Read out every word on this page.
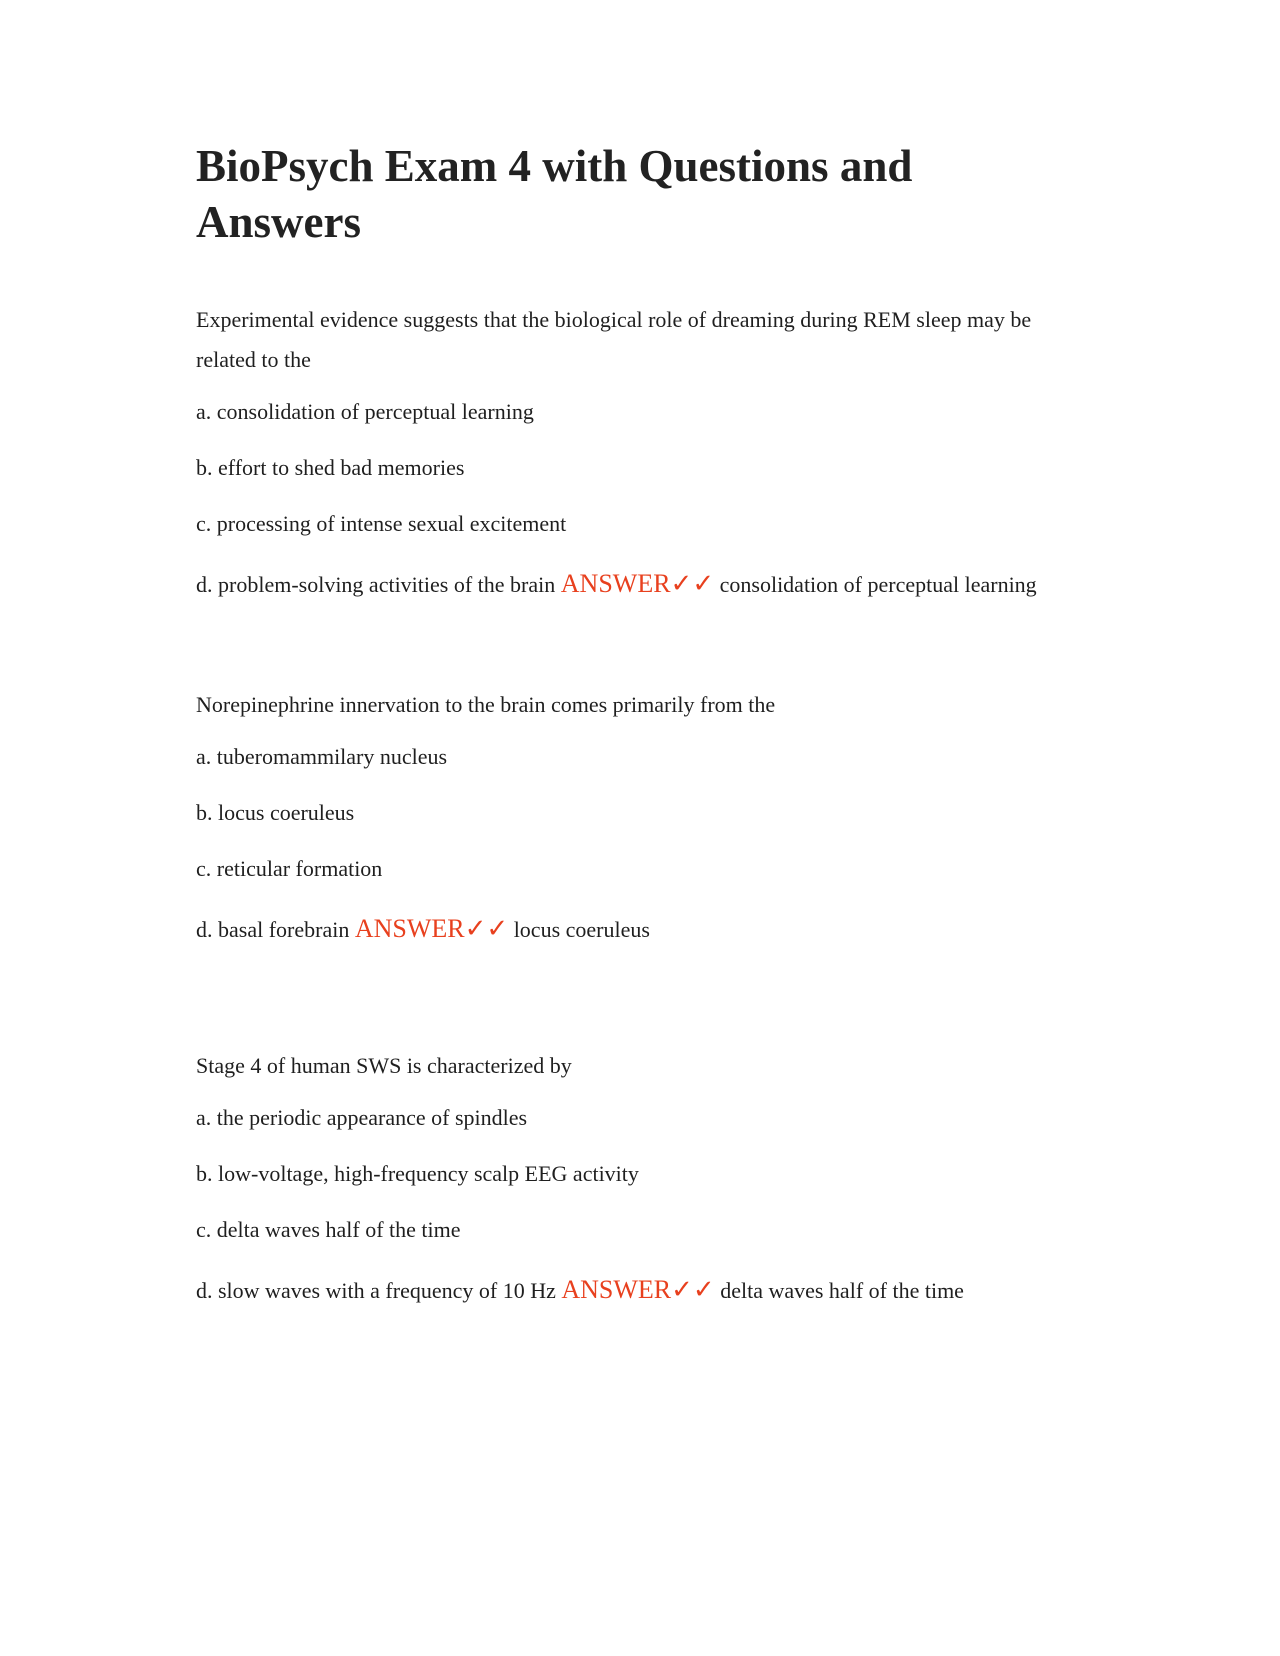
BioPsych Exam 4 with Questions and Answers

Experimental evidence suggests that the biological role of dreaming during REM sleep may be related to the

a. consolidation of perceptual learning

b. effort to shed bad memories

c. processing of intense sexual excitement

d. problem-solving activities of the brain ANSWER✓✓ consolidation of perceptual learning

Norepinephrine innervation to the brain comes primarily from the

a. tuberomammilary nucleus

b. locus coeruleus

c. reticular formation

d. basal forebrain ANSWER✓✓ locus coeruleus

Stage 4 of human SWS is characterized by

a. the periodic appearance of spindles

b. low-voltage, high-frequency scalp EEG activity

c. delta waves half of the time

d. slow waves with a frequency of 10 Hz ANSWER✓✓ delta waves half of the time
